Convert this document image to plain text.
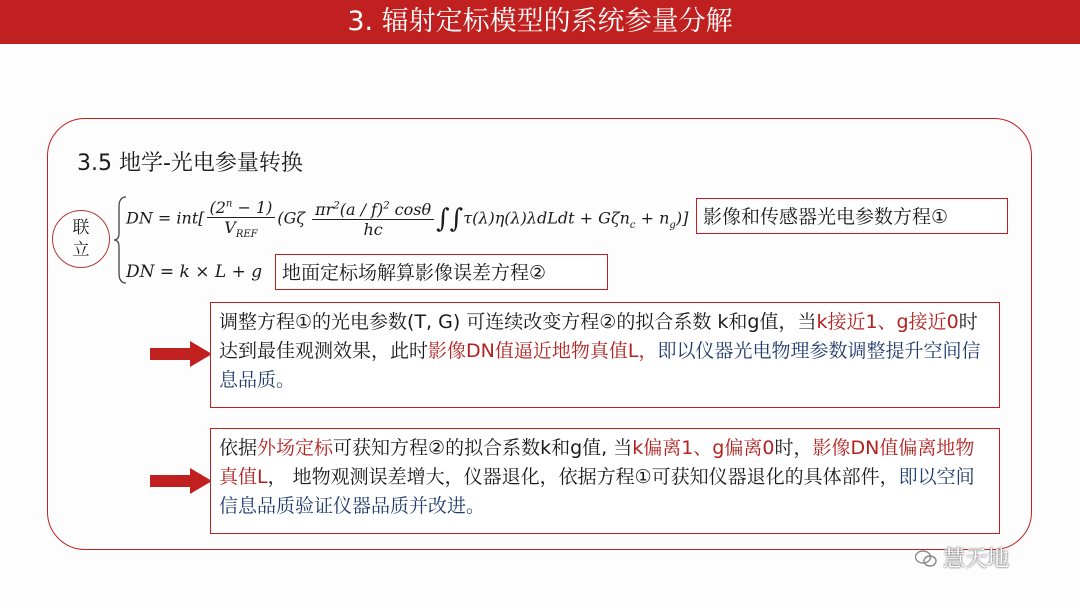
3. 辐射定标模型的系统参量分解
3.5 地学-光电参量转换
联
立
DN = $int[ \frac{(2^n - 1)}{V_{REF}} (G\zeta \frac{\pi r^2(a / f)^2 \cos\theta}{hc}$ ∫∫τ(λ)η(λ)λdLdt + $G\zeta n_c + n_g$)]
DN = k × L + g
影像和传感器光电参数方程①
地面定标场解算影像误差方程②
调整方程①的光电参数(T, G) 可连续改变方程②的拟合系数 k和g值，当k接近1、g接近0时达到最佳观测效果，此时影像DN值逼近地物真值L，即以仪器光电物理参数调整提升空间信息品质。
依据外场定标可获知方程②的拟合系数k和g值, 当k偏离1、g偏离0时，影像DN值偏离地物真值L， 地物观测误差增大，仪器退化，依据方程①可获知仪器退化的具体部件，即以空间信息品质验证仪器品质并改进。
慧天地
